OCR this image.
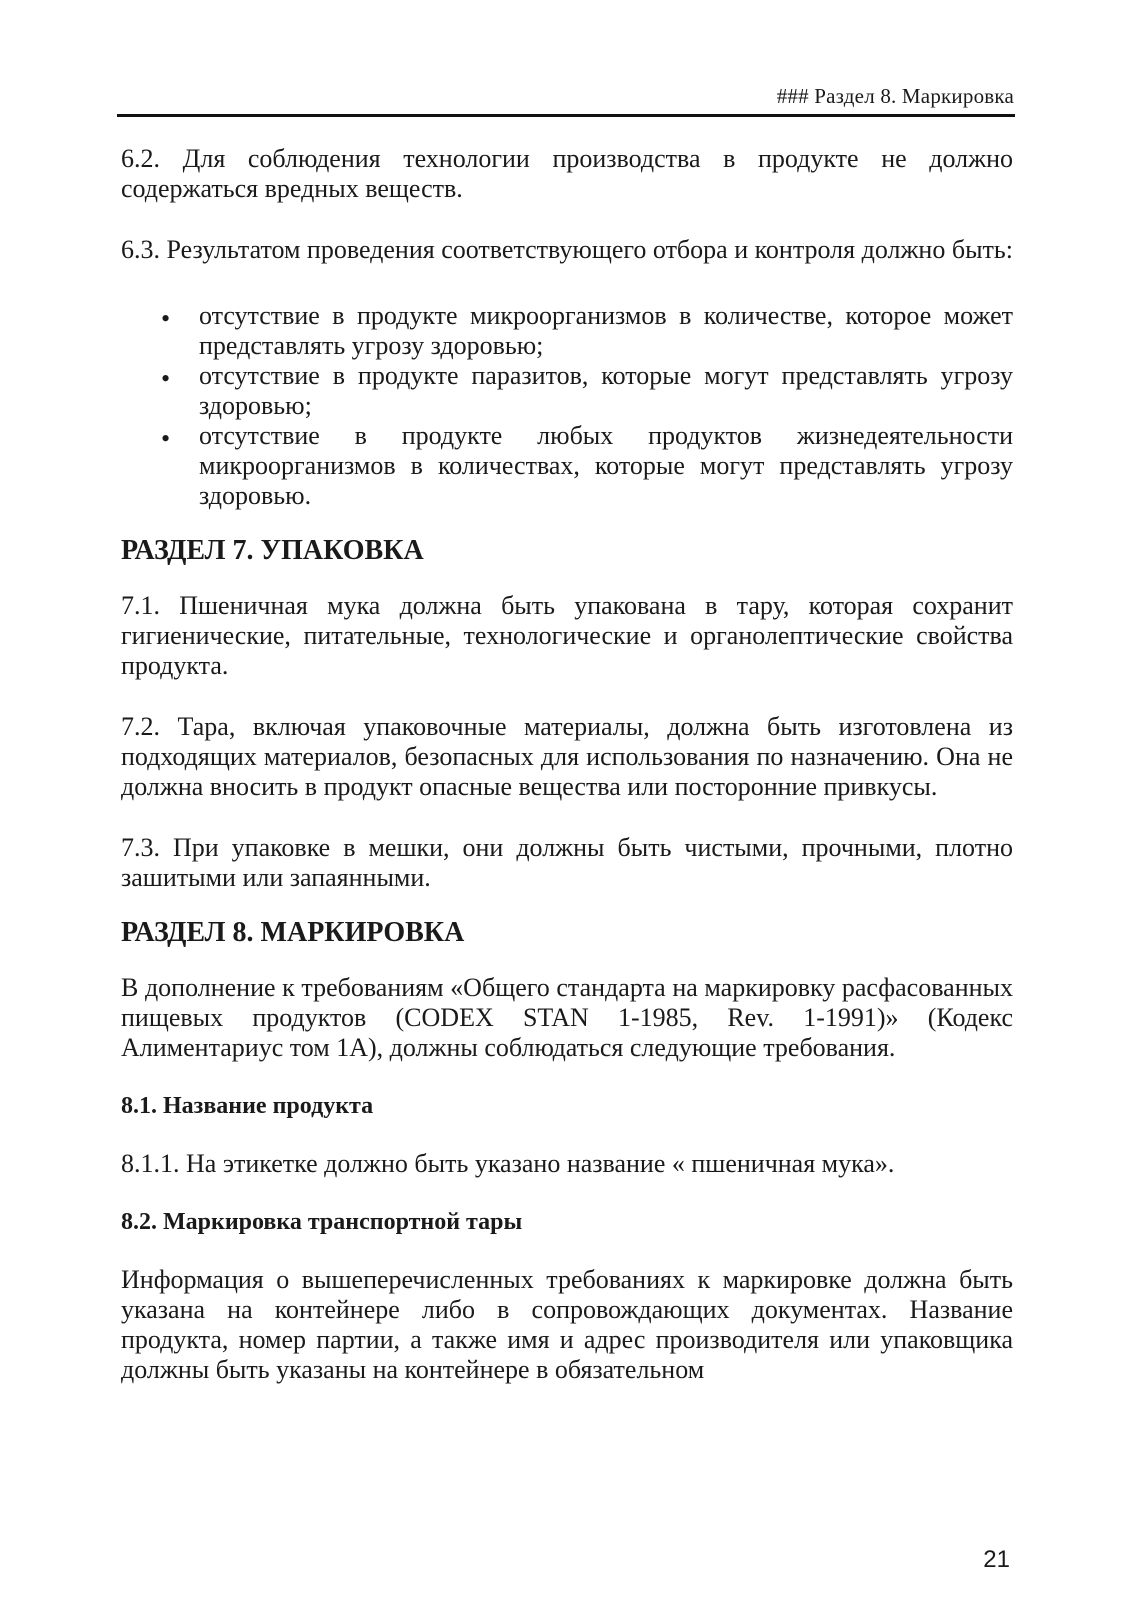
### Раздел 8. Маркировка

6.2. Для соблюдения технологии производства в продукте не должно содержаться вредных веществ.

6.3. Результатом проведения соответствующего отбора и контроля должно быть:

• отсутствие в продукте микроорганизмов в количестве, которое может представлять угрозу здоровью;
• отсутствие в продукте паразитов, которые могут представлять угрозу здоровью;
• отсутствие в продукте любых продуктов жизнедеятельности микроорганизмов в количествах, которые могут представлять угрозу здоровью.
РАЗДЕЛ 7. УПАКОВКА

7.1. Пшеничная мука должна быть упакована в тару, которая сохранит гигиенические, питательные, технологические и органолептические свойства продукта.

7.2. Тара, включая упаковочные материалы, должна быть изготовлена из подходящих материалов, безопасных для использования по назначению. Она не должна вносить в продукт опасные вещества или посторонние привкусы.

7.3. При упаковке в мешки, они должны быть чистыми, прочными, плотно зашитыми или запаянными.

РАЗДЕЛ 8. МАРКИРОВКА

В дополнение к требованиям «Общего стандарта на маркировку расфасованных пищевых продуктов (CODEX STAN 1-1985, Rev. 1-1991)» (Кодекс Алиментариус том 1А), должны соблюдаться следующие требования.

8.1. Название продукта

8.1.1. На этикетке должно быть указано название « пшеничная мука».

8.2. Маркировка транспортной тары

Информация о вышеперечисленных требованиях к маркировке должна быть указана на контейнере либо в сопровождающих документах. Название продукта, номер партии, а также имя и адрес производителя или упаковщика должны быть указаны на контейнере в обязательном

21
